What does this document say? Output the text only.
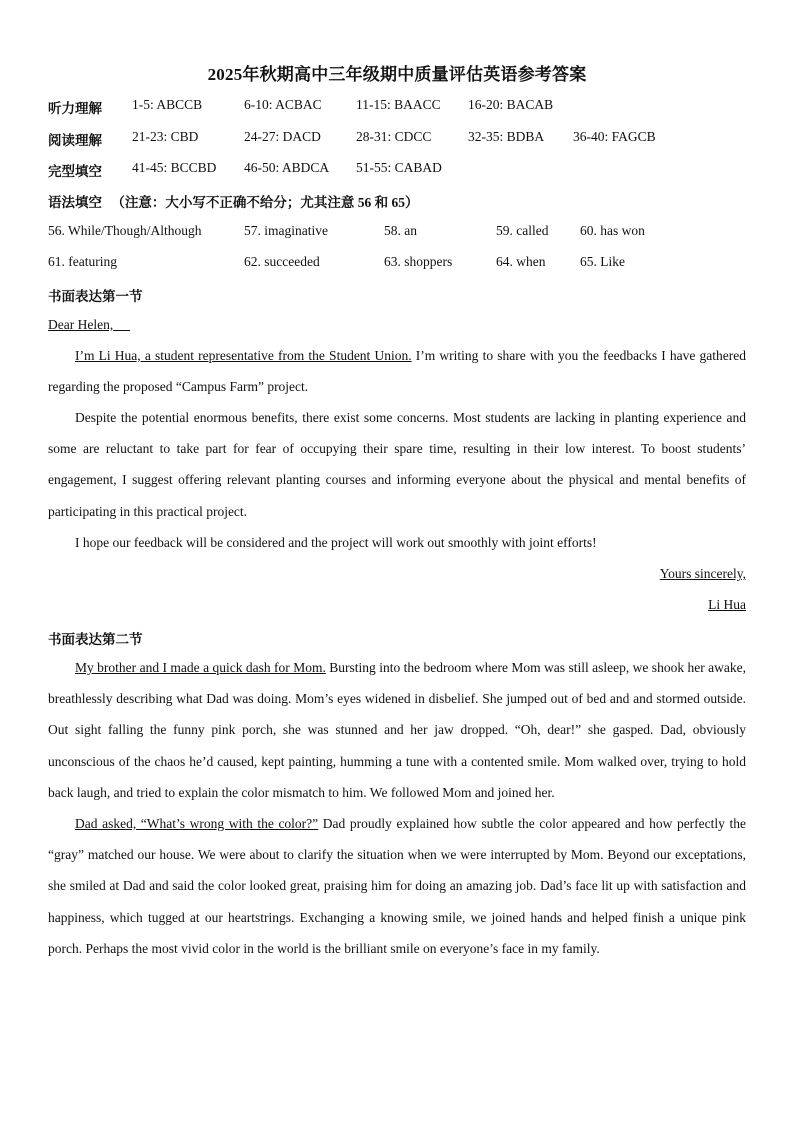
2025年秋期高中三年级期中质量评估英语参考答案
听力理解 1-5: ABCCB	6-10: ACBAC	11-15: BAACC 16-20: BACAB
阅读理解 21-23: CBD	24-27: DACD	28-31: CDCC	32-35: BDBA 36-40: FAGCB
完型填空 41-45: BCCBD 46-50: ABDCA 51-55: CABAD
语法填空 （注意：大小写不正确不给分；尤其注意 56 和 65）
56. While/Though/Although	57. imaginative	58. an	59. called 60. has won
61. featuring	62. succeeded	63. shoppers	64. when	65. Like
书面表达第一节
Dear Helen,

I’m Li Hua, a student representative from the Student Union. I’m writing to share with you the feedbacks I have gathered regarding the proposed “Campus Farm” project.

Despite the potential enormous benefits, there exist some concerns. Most students are lacking in planting experience and some are reluctant to take part for fear of occupying their spare time, resulting in their low interest. To boost students’ engagement, I suggest offering relevant planting courses and informing everyone about the physical and mental benefits of participating in this practical project.

I hope our feedback will be considered and the project will work out smoothly with joint efforts!

Yours sincerely,
Li Hua
书面表达第二节

My brother and I made a quick dash for Mom. Bursting into the bedroom where Mom was still asleep, we shook her awake, breathlessly describing what Dad was doing. Mom’s eyes widened in disbelief. She jumped out of bed and and stormed outside. Out sight falling the funny pink porch, she was stunned and her jaw dropped. “Oh, dear!” she gasped. Dad, obviously unconscious of the chaos he’d caused, kept painting, humming a tune with a contented smile. Mom walked over, trying to hold back laugh, and tried to explain the color mismatch to him. We followed Mom and joined her.

Dad asked, “What’s wrong with the color?” Dad proudly explained how subtle the color appeared and how perfectly the “gray” matched our house. We were about to clarify the situation when we were interrupted by Mom. Beyond our exceptations, she smiled at Dad and said the color looked great, praising him for doing an amazing job. Dad’s face lit up with satisfaction and happiness, which tugged at our heartstrings. Exchanging a knowing smile, we joined hands and helped finish a unique pink porch. Perhaps the most vivid color in the world is the brilliant smile on everyone’s face in my family.
